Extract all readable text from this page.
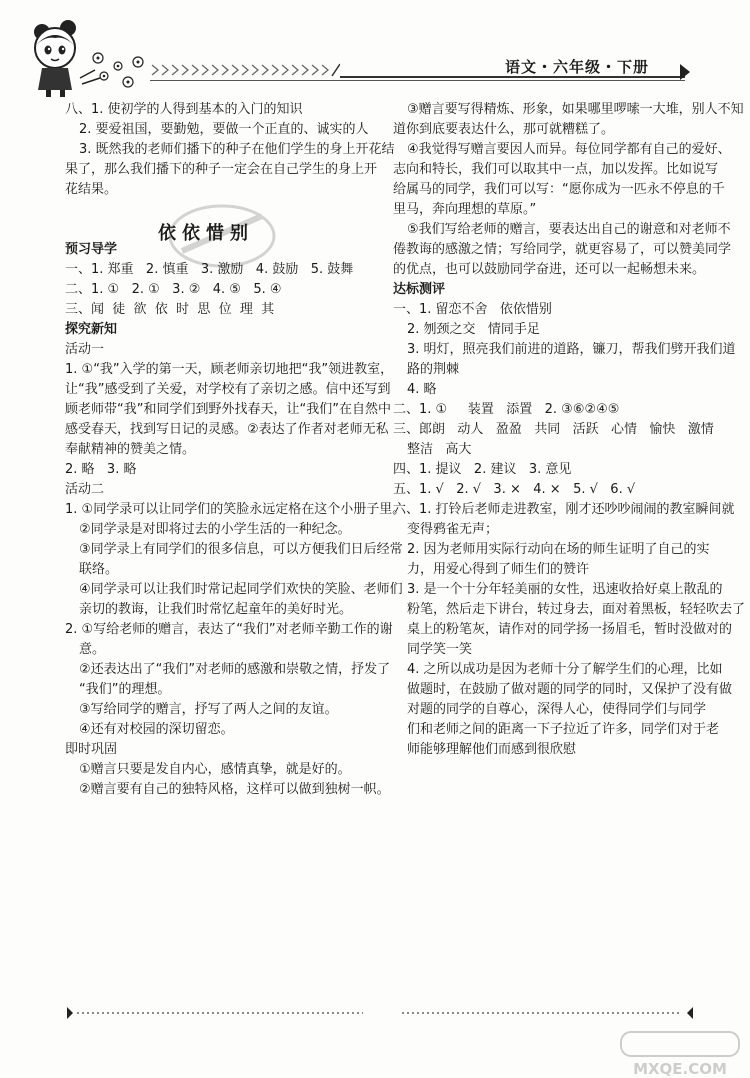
语文・六年级・下册
依依惜别
八、1. 使初学的人得到基本的入门的知识
2. 要爱祖国，要勤勉，要做一个正直的、诚实的人
3. 既然我的老师们播下的种子在他们学生的身上开花结
果了，那么我们播下的种子一定会在自己学生的身上开
花结果。
预习导学
一、1. 郑重   2. 慎重   3. 激励   4. 鼓励   5. 鼓舞
二、1. ①   2. ①   3. ②   4. ⑤   5. ④
三、闻  徒  欲  依  时  思  位  理  其
探究新知
活动一
1. ①“我”入学的第一天，顾老师亲切地把“我”领进教室，
让“我”感受到了关爱，对学校有了亲切之感。信中还写到
顾老师带“我”和同学们到野外找春天，让“我们”在自然中
感受春天，找到写日记的灵感。②表达了作者对老师无私
奉献精神的赞美之情。
2. 略   3. 略
活动二
1. ①同学录可以让同学们的笑脸永远定格在这个小册子里。
②同学录是对即将过去的小学生活的一种纪念。
③同学录上有同学们的很多信息，可以方便我们日后经常
联络。
④同学录可以让我们时常记起同学们欢快的笑脸、老师们
亲切的教诲，让我们时常忆起童年的美好时光。
2. ①写给老师的赠言，表达了“我们”对老师辛勤工作的谢
意。
②还表达出了“我们”对老师的感激和崇敬之情，抒发了
“我们”的理想。
③写给同学的赠言，抒写了两人之间的友谊。
④还有对校园的深切留恋。
即时巩固
①赠言只要是发自内心，感情真挚，就是好的。
②赠言要有自己的独特风格，这样可以做到独树一帜。
③赠言要写得精炼、形象，如果哪里啰嗦一大堆，别人不知
道你到底要表达什么，那可就糟糕了。
④我觉得写赠言要因人而异。每位同学都有自己的爱好、
志向和特长，我们可以取其中一点，加以发挥。比如说写
给属马的同学，我们可以写：“愿你成为一匹永不停息的千
里马，奔向理想的草原。”
⑤我们写给老师的赠言，要表达出自己的谢意和对老师不
倦教诲的感激之情；写给同学，就更容易了，可以赞美同学
的优点，也可以鼓励同学奋进，还可以一起畅想未来。
达标测评
一、1. 留恋不舍   依依惜别
2. 刎颈之交   情同手足
3. 明灯，照亮我们前进的道路，镰刀，帮我们劈开我们道
路的荆棘
4. 略
二、1. ①     装置   添置   2. ③⑥②④⑤
三、郎朗   动人   盈盈   共同   活跃   心情   愉快   激情
整洁   高大
四、1. 提议   2. 建议   3. 意见
五、1. √   2. √   3. ×   4. ×   5. √   6. √
六、1. 打铃后老师走进教室，刚才还吵吵闹闹的教室瞬间就
变得鸦雀无声；
2. 因为老师用实际行动向在场的师生证明了自己的实
力，用爱心得到了师生们的赞许
3. 是一个十分年轻美丽的女性，迅速收拾好桌上散乱的
粉笔，然后走下讲台，转过身去，面对着黑板，轻轻吹去了
桌上的粉笔灰，请作对的同学扬一扬眉毛，暂时没做对的
同学笑一笑
4. 之所以成功是因为老师十分了解学生们的心理，比如
做题时，在鼓励了做对题的同学的同时，又保护了没有做
对题的同学的自尊心，深得人心，使得同学们与同学
们和老师之间的距离一下子拉近了许多，同学们对于老
师能够理解他们而感到很欣慰
MXQE.COM
